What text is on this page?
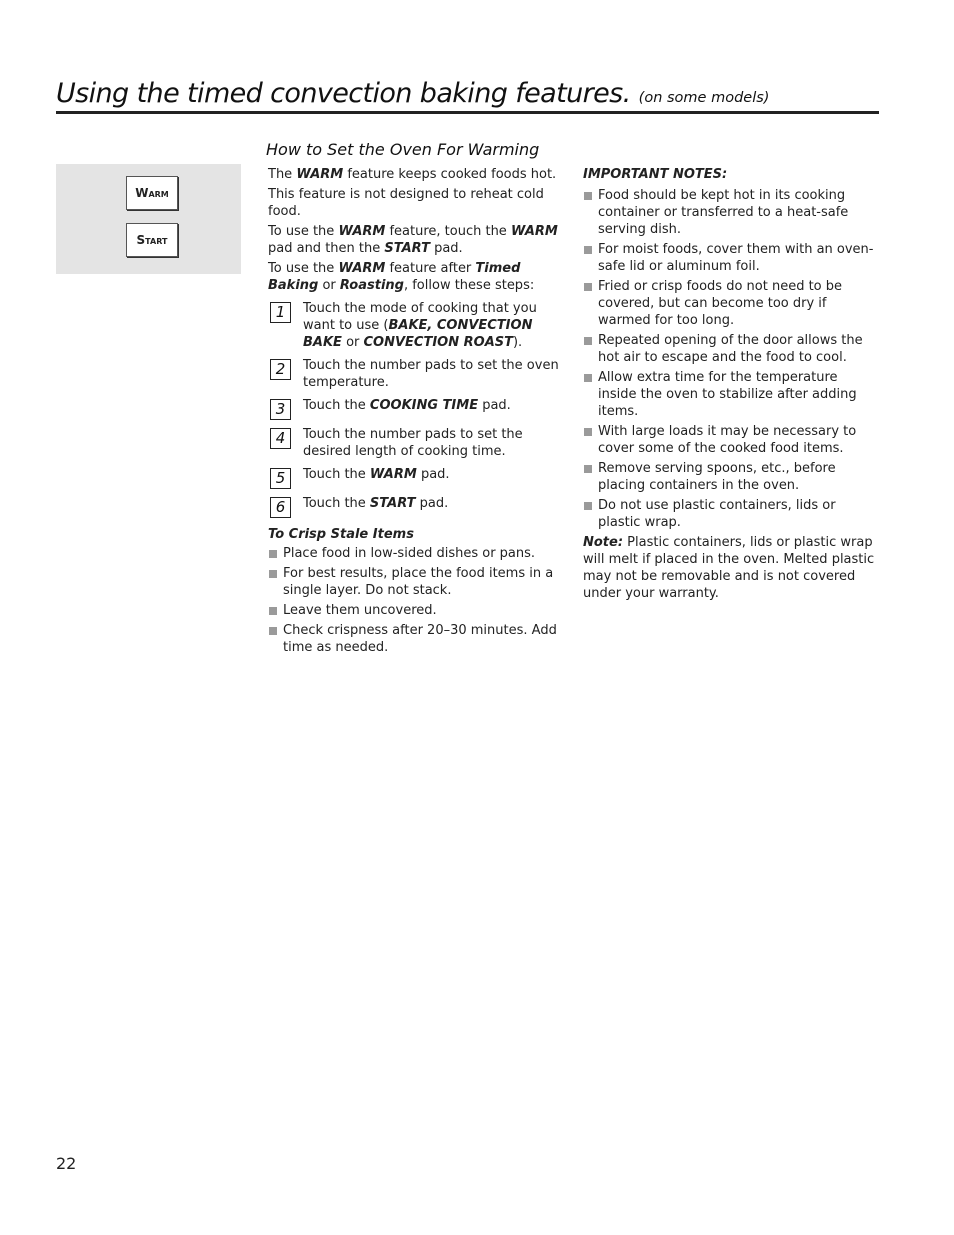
Using the timed convection baking features. (on some models)
Warm
Start
How to Set the Oven For Warming

The WARM feature keeps cooked foods hot.

This feature is not designed to reheat cold food.

To use the WARM feature, touch the WARM pad and then the START pad.

To use the WARM feature after Timed Baking or Roasting, follow these steps:

1	Touch the mode of cooking that you want to use (BAKE, CONVECTION BAKE or CONVECTION ROAST).
2	Touch the number pads to set the oven temperature.
3	Touch the COOKING TIME pad.
4	Touch the number pads to set the desired length of cooking time.
5	Touch the WARM pad.
6	Touch the START pad.
To Crisp Stale Items
Place food in low-sided dishes or pans.
For best results, place the food items in a single layer. Do not stack.
Leave them uncovered.
Check crispness after 20–30 minutes. Add time as needed.
IMPORTANT NOTES:
Food should be kept hot in its cooking container or transferred to a heat-safe serving dish.
For moist foods, cover them with an oven-safe lid or aluminum foil.
Fried or crisp foods do not need to be covered, but can become too dry if warmed for too long.
Repeated opening of the door allows the hot air to escape and the food to cool.
Allow extra time for the temperature inside the oven to stabilize after adding items.
With large loads it may be necessary to cover some of the cooked food items.
Remove serving spoons, etc., before placing containers in the oven.
Do not use plastic containers, lids or plastic wrap.

Note: Plastic containers, lids or plastic wrap will melt if placed in the oven. Melted plastic may not be removable and is not covered under your warranty.

22
